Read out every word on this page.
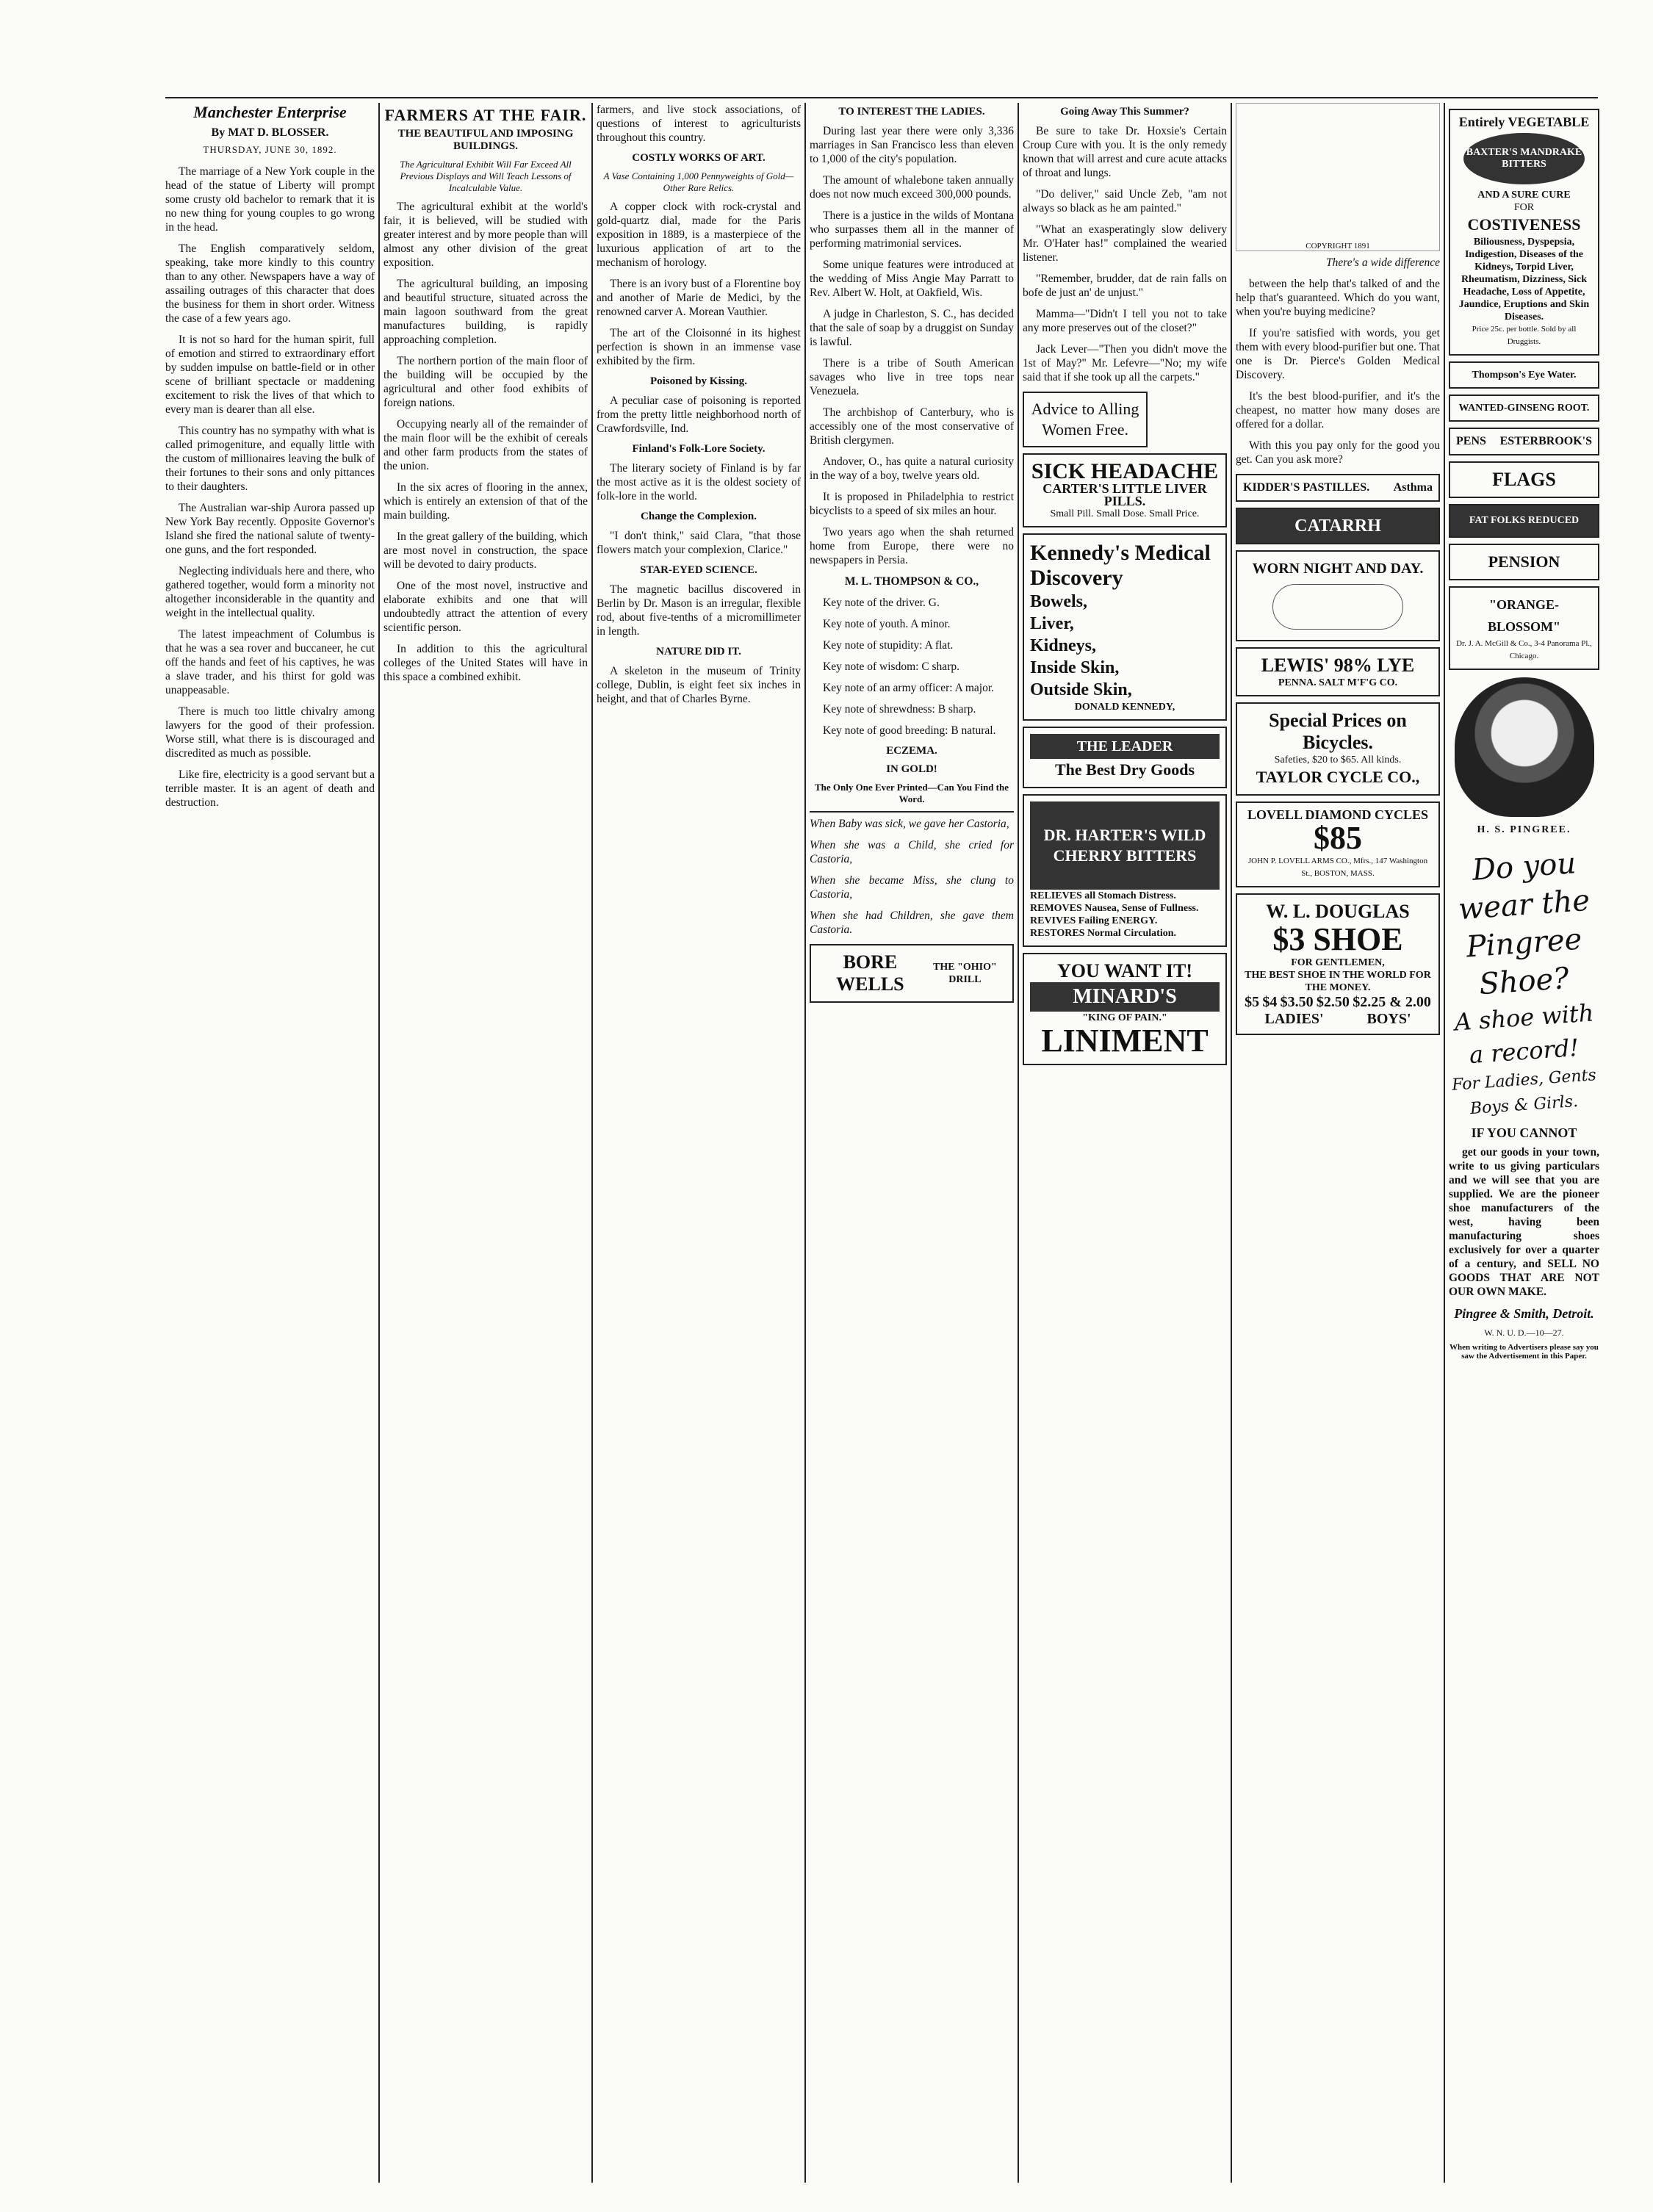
Manchester Enterprise
By MAT D. BLOSSER.
THURSDAY, JUNE 30, 1892.

The marriage of a New York couple in the head of the statue of Liberty will prompt some crusty old bachelor to remark that it is no new thing for young couples to go wrong in the head.

The English comparatively seldom, speaking, take more kindly to this country than to any other. Newspapers have a way of assailing outrages of this character that does the business for them in short order. Witness the case of a few years ago.

It is not so hard for the human spirit, full of emotion and stirred to extraordinary effort by sudden impulse on battle-field or in other scene of brilliant spectacle or maddening excitement to risk the lives of that which to every man is dearer than all else.

This country has no sympathy with what is called primogeniture, and equally little with the custom of millionaires leaving the bulk of their fortunes to their sons and only pittances to their daughters.

The Australian war-ship Aurora passed up New York Bay recently. Opposite Governor's Island she fired the national salute of twenty-one guns, and the fort responded.

Neglecting individuals here and there, who gathered together, would form a minority not altogether inconsiderable in the quantity and weight in the intellectual quality.

The latest impeachment of Columbus is that he was a sea rover and buccaneer, he cut off the hands and feet of his captives, he was a slave trader, and his thirst for gold was unappeasable.

There is much too little chivalry among lawyers for the good of their profession. Worse still, what there is is discouraged and discredited as much as possible.

Like fire, electricity is a good servant but a terrible master. It is an agent of death and destruction.

FARMERS AT THE FAIR.
THE BEAUTIFUL AND IMPOSING BUILDINGS.
The Agricultural Exhibit Will Far Exceed All Previous Displays and Will Teach Lessons of Incalculable Value.

The agricultural exhibit at the world's fair, it is believed, will be studied with greater interest and by more people than will almost any other division of the great exposition.

The agricultural building, an imposing and beautiful structure, situated across the main lagoon southward from the great manufactures building, is rapidly approaching completion.

The northern portion of the main floor of the building will be occupied by the agricultural and other food exhibits of foreign nations.

Occupying nearly all of the remainder of the main floor will be the exhibit of cereals and other farm products from the states of the union.

In the six acres of flooring in the annex, which is entirely an extension of that of the main building.

In the great gallery of the building, which are most novel in construction, the space will be devoted to dairy products.

One of the most novel, instructive and elaborate exhibits and one that will undoubtedly attract the attention of every scientific person.

In addition to this the agricultural colleges of the United States will have in this space a combined exhibit.

farmers, and live stock associations, of questions of interest to agriculturists throughout this country.

COSTLY WORKS OF ART.
A Vase Containing 1,000 Pennyweights of Gold—Other Rare Relics.

A copper clock with rock-crystal and gold-quartz dial, made for the Paris exposition in 1889, is a masterpiece of the luxurious application of art to the mechanism of horology.

There is an ivory bust of a Florentine boy and another of Marie de Medici, by the renowned carver A. Morean Vauthier.

The art of the Cloisonné in its highest perfection is shown in an immense vase exhibited by the firm.

Poisoned by Kissing.

A peculiar case of poisoning is reported from the pretty little neighborhood north of Crawfordsville, Ind.

Finland's Folk-Lore Society.

The literary society of Finland is by far the most active as it is the oldest society of folk-lore in the world.

Change the Complexion.

"I don't think," said Clara, "that those flowers match your complexion, Clarice."

STAR-EYED SCIENCE.

The magnetic bacillus discovered in Berlin by Dr. Mason is an irregular, flexible rod, about five-tenths of a micromillimeter in length.

NATURE DID IT.

A skeleton in the museum of Trinity college, Dublin, is eight feet six inches in height, and that of Charles Byrne.

TO INTEREST THE LADIES.

During last year there were only 3,336 marriages in San Francisco less than eleven to 1,000 of the city's population.

The amount of whalebone taken annually does not now much exceed 300,000 pounds.

There is a justice in the wilds of Montana who surpasses them all in the manner of performing matrimonial services.

Some unique features were introduced at the wedding of Miss Angie May Parratt to Rev. Albert W. Holt, at Oakfield, Wis.

A judge in Charleston, S. C., has decided that the sale of soap by a druggist on Sunday is lawful.

There is a tribe of South American savages who live in tree tops near Venezuela.

The archbishop of Canterbury, who is accessibly one of the most conservative of British clergymen.

Andover, O., has quite a natural curiosity in the way of a boy, twelve years old.

It is proposed in Philadelphia to restrict bicyclists to a speed of six miles an hour.

Two years ago when the shah returned home from Europe, there were no newspapers in Persia.

M. L. THOMPSON & CO.,

Key note of the driver. G.

Key note of youth. A minor.

Key note of stupidity: A flat.

Key note of wisdom: C sharp.

Key note of an army officer: A major.

Key note of shrewdness: B sharp.

Key note of good breeding: B natural.

ECZEMA.
IN GOLD!
The Only One Ever Printed—Can You Find the Word.

When Baby was sick, we gave her Castoria,

When she was a Child, she cried for Castoria,

When she became Miss, she clung to Castoria,

When she had Children, she gave them Castoria.

BORE WELLS
THE "OHIO" DRILL
Going Away This Summer?

Be sure to take Dr. Hoxsie's Certain Croup Cure with you. It is the only remedy known that will arrest and cure acute attacks of throat and lungs.

"Do deliver," said Uncle Zeb, "am not always so black as he am painted."

"What an exasperatingly slow delivery Mr. O'Hater has!" complained the wearied listener.

"Remember, brudder, dat de rain falls on bofe de just an' de unjust."

Mamma—"Didn't I tell you not to take any more preserves out of the closet?"

Jack Lever—"Then you didn't move the 1st of May?" Mr. Lefevre—"No; my wife said that if she took up all the carpets."

Advice to Alling Women Free.
SICK HEADACHE
CARTER'S LITTLE LIVER PILLS.
Small Pill. Small Dose. Small Price.
Kennedy's Medical Discovery
Bowels,
Liver,
Kidneys,
Inside Skin,
Outside Skin,
DONALD KENNEDY,
THE LEADER
The Best Dry Goods
DR. HARTER'S WILD CHERRY BITTERS
RELIEVES all Stomach Distress.
REMOVES Nausea, Sense of Fullness.
REVIVES Failing ENERGY.
RESTORES Normal Circulation.
YOU WANT IT!
MINARD'S
"KING OF PAIN."
LINIMENT
COPYRIGHT 1891

There's a wide difference

between the help that's talked of and the help that's guaranteed. Which do you want, when you're buying medicine?

If you're satisfied with words, you get them with every blood-purifier but one. That one is Dr. Pierce's Golden Medical Discovery.

It's the best blood-purifier, and it's the cheapest, no matter how many doses are offered for a dollar.

With this you pay only for the good you get. Can you ask more?

KIDDER'S PASTILLES. Asthma
CATARRH
WORN NIGHT AND DAY.
LEWIS' 98% LYE
PENNA. SALT M'F'G CO.
Special Prices on Bicycles.
Safeties, $20 to $65. All kinds.
TAYLOR CYCLE CO.,
LOVELL DIAMOND CYCLES
$85
JOHN P. LOVELL ARMS CO., Mfrs., 147 Washington St., BOSTON, MASS.
W. L. DOUGLAS
$3 SHOE
FOR GENTLEMEN,
THE BEST SHOE IN THE WORLD FOR THE MONEY.
$5 $4 $3.50 $2.50 $2.25 & 2.00
LADIES'	BOYS'
Entirely VEGETABLE
BAXTER'S MANDRAKE BITTERS
AND A SURE CURE
FOR
COSTIVENESS
Biliousness, Dyspepsia, Indigestion, Diseases of the Kidneys, Torpid Liver, Rheumatism, Dizziness, Sick Headache, Loss of Appetite, Jaundice, Eruptions and Skin Diseases.
Price 25c. per bottle. Sold by all Druggists.
Thompson's Eye Water.
WANTED-GINSENG ROOT.
PENS ESTERBROOK'S
FLAGS
FAT FOLKS REDUCED
PENSION
"ORANGE-BLOSSOM"
Dr. J. A. McGill & Co., 3-4 Panorama Pl., Chicago.
H. S. PINGREE.
Do you
wear the
Pingree
Shoe?
A shoe with
a record!
For Ladies, Gents
Boys & Girls.
IF YOU CANNOT

get our goods in your town, write to us giving particulars and we will see that you are supplied. We are the pioneer shoe manufacturers of the west, having been manufacturing shoes exclusively for over a quarter of a century, and SELL NO GOODS THAT ARE NOT OUR OWN MAKE.

Pingree & Smith, Detroit.
W. N. U. D.—10—27.
When writing to Advertisers please say you saw the Advertisement in this Paper.
